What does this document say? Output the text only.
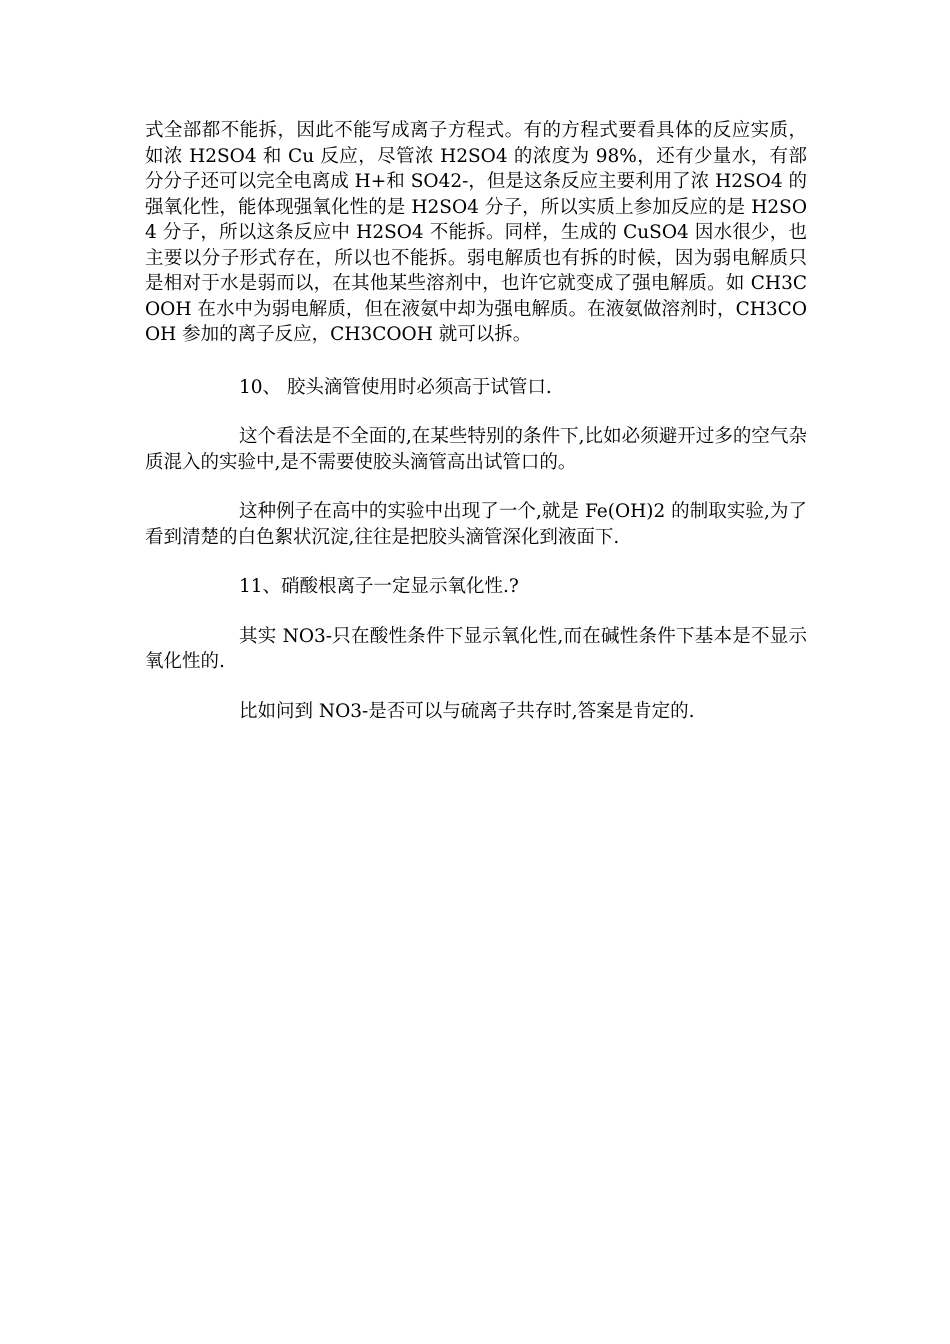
式全部都不能拆，因此不能写成离子方程式。有的方程式要看具体的反应实质，如浓 H2SO4 和 Cu 反应，尽管浓 H2SO4 的浓度为 98%，还有少量水，有部分分子还可以完全电离成 H+和 SO42-，但是这条反应主要利用了浓 H2SO4 的强氧化性，能体现强氧化性的是 H2SO4 分子，所以实质上参加反应的是 H2SO4 分子，所以这条反应中 H2SO4 不能拆。同样，生成的 CuSO4 因水很少，也主要以分子形式存在，所以也不能拆。弱电解质也有拆的时候，因为弱电解质只是相对于水是弱而以，在其他某些溶剂中，也许它就变成了强电解质。如 CH3COOH 在水中为弱电解质，但在液氨中却为强电解质。在液氨做溶剂时，CH3COOH 参加的离子反应，CH3COOH 就可以拆。

10、 胶头滴管使用时必须高于试管口.

这个看法是不全面的,在某些特别的条件下,比如必须避开过多的空气杂质混入的实验中,是不需要使胶头滴管高出试管口的。

这种例子在高中的实验中出现了一个,就是 Fe(OH)2 的制取实验,为了看到清楚的白色絮状沉淀,往往是把胶头滴管深化到液面下.

11、硝酸根离子一定显示氧化性.?

其实 NO3-只在酸性条件下显示氧化性,而在碱性条件下基本是不显示氧化性的.

比如问到 NO3-是否可以与硫离子共存时,答案是肯定的.
